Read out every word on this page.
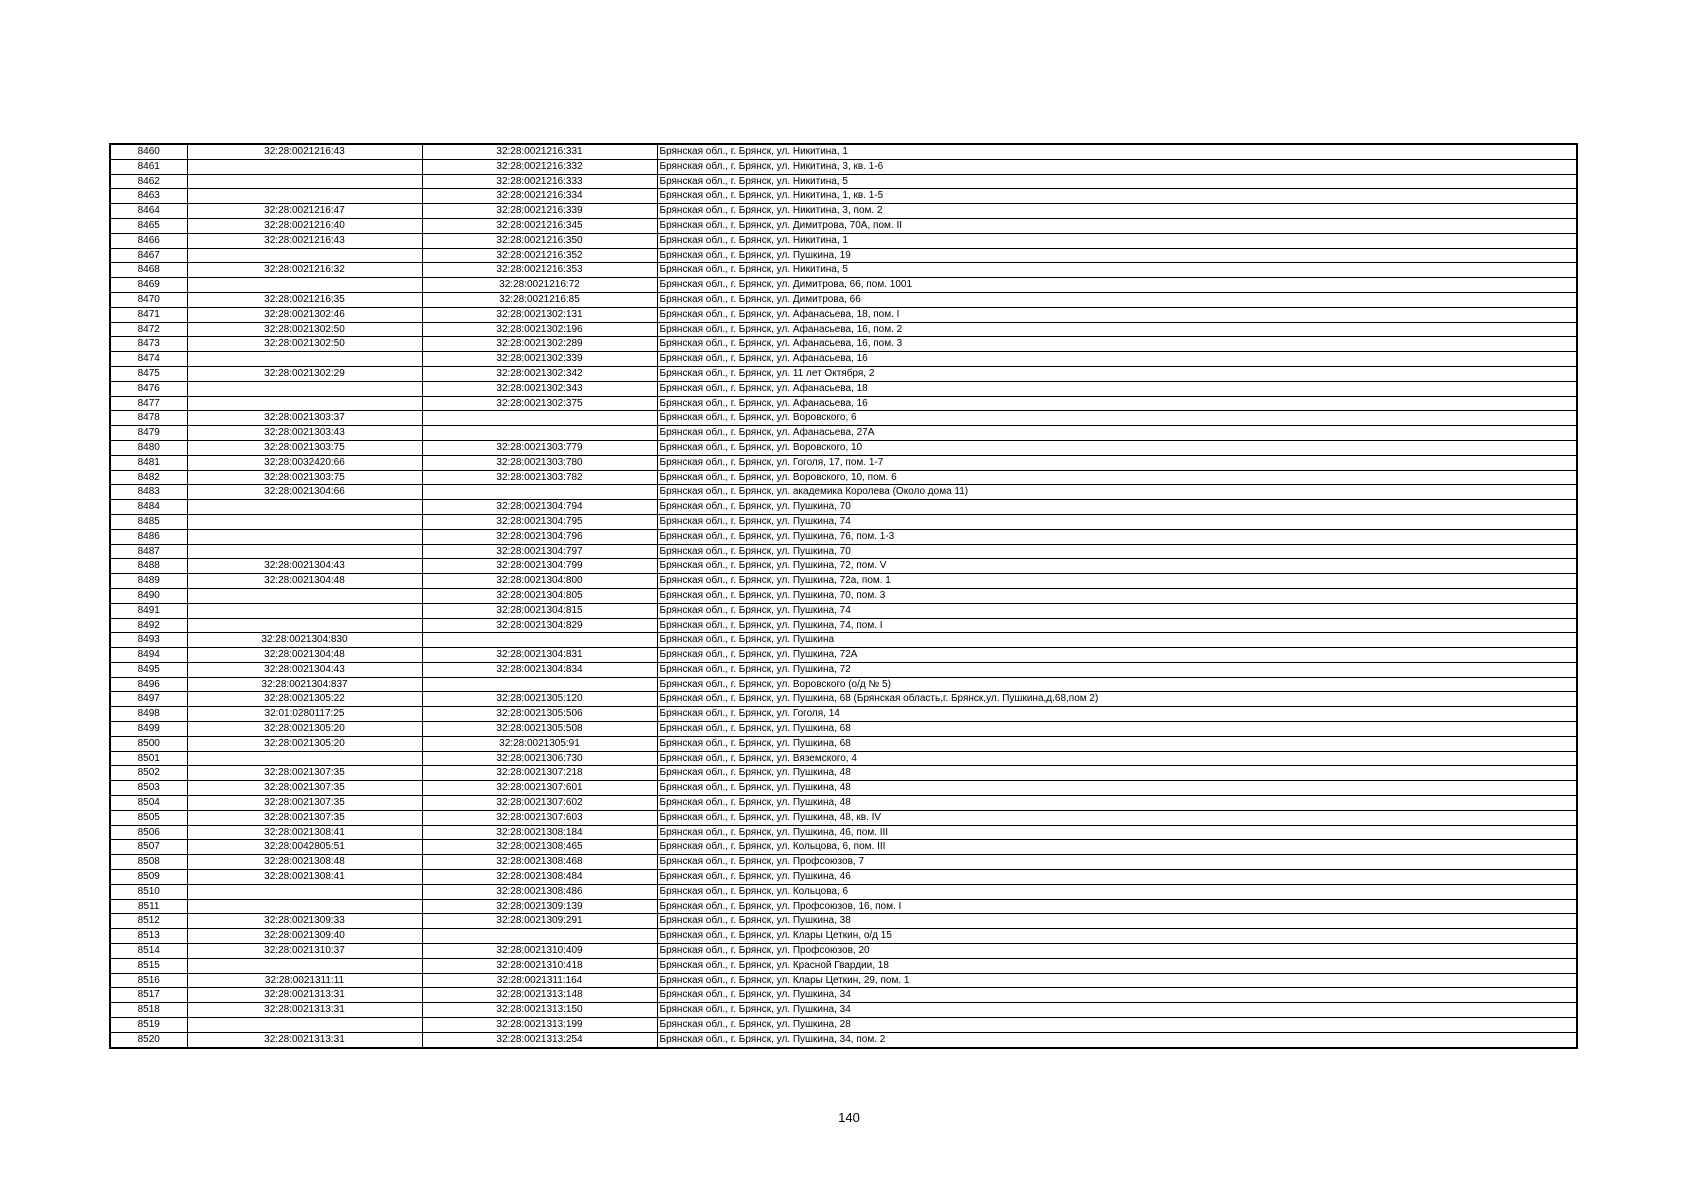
8460	32:28:0021216:43	32:28:0021216:331	Брянская обл., г. Брянск, ул. Никитина, 1
8461		32:28:0021216:332	Брянская обл., г. Брянск, ул. Никитина, 3, кв. 1-6
8462		32:28:0021216:333	Брянская обл., г. Брянск, ул. Никитина, 5
8463		32:28:0021216:334	Брянская обл., г. Брянск, ул. Никитина, 1, кв. 1-5
8464	32:28:0021216:47	32:28:0021216:339	Брянская обл., г. Брянск, ул. Никитина, 3, пом. 2
8465	32:28:0021216:40	32:28:0021216:345	Брянская обл., г. Брянск, ул. Димитрова, 70А, пом. II
8466	32:28:0021216:43	32:28:0021216:350	Брянская обл., г. Брянск, ул. Никитина, 1
8467		32:28:0021216:352	Брянская обл., г. Брянск, ул. Пушкина, 19
8468	32:28:0021216:32	32:28:0021216:353	Брянская обл., г. Брянск, ул. Никитина, 5
8469		32:28:0021216:72	Брянская обл., г. Брянск, ул. Димитрова, 66, пом. 1001
8470	32:28:0021216:35	32:28:0021216:85	Брянская обл., г. Брянск, ул. Димитрова, 66
8471	32:28:0021302:46	32:28:0021302:131	Брянская обл., г. Брянск, ул. Афанасьева, 18, пом. I
8472	32:28:0021302:50	32:28:0021302:196	Брянская обл., г. Брянск, ул. Афанасьева, 16, пом. 2
8473	32:28:0021302:50	32:28:0021302:289	Брянская обл., г. Брянск, ул. Афанасьева, 16, пом. 3
8474		32:28:0021302:339	Брянская обл., г. Брянск, ул. Афанасьева, 16
8475	32:28:0021302:29	32:28:0021302:342	Брянская обл., г. Брянск, ул. 11 лет Октября, 2
8476		32:28:0021302:343	Брянская обл., г. Брянск, ул. Афанасьева, 18
8477		32:28:0021302:375	Брянская обл., г. Брянск, ул. Афанасьева, 16
8478	32:28:0021303:37		Брянская обл., г. Брянск, ул. Воровского, 6
8479	32:28:0021303:43		Брянская обл., г. Брянск, ул. Афанасьева, 27А
8480	32:28:0021303:75	32:28:0021303:779	Брянская обл., г. Брянск, ул. Воровского, 10
8481	32:28:0032420:66	32:28:0021303:780	Брянская обл., г. Брянск, ул. Гоголя, 17, пом. 1-7
8482	32:28:0021303:75	32:28:0021303:782	Брянская обл., г. Брянск, ул. Воровского, 10, пом. 6
8483	32:28:0021304:66		Брянская обл., г. Брянск, ул. академика Королева (Около дома 11)
8484		32:28:0021304:794	Брянская обл., г. Брянск, ул. Пушкина, 70
8485		32:28:0021304:795	Брянская обл., г. Брянск, ул. Пушкина, 74
8486		32:28:0021304:796	Брянская обл., г. Брянск, ул. Пушкина, 76, пом. 1-3
8487		32:28:0021304:797	Брянская обл., г. Брянск, ул. Пушкина, 70
8488	32:28:0021304:43	32:28:0021304:799	Брянская обл., г. Брянск, ул. Пушкина, 72, пом. V
8489	32:28:0021304:48	32:28:0021304:800	Брянская обл., г. Брянск, ул. Пушкина, 72а, пом. 1
8490		32:28:0021304:805	Брянская обл., г. Брянск, ул. Пушкина, 70, пом. 3
8491		32:28:0021304:815	Брянская обл., г. Брянск, ул. Пушкина, 74
8492		32:28:0021304:829	Брянская обл., г. Брянск, ул. Пушкина, 74, пом. I
8493	32:28:0021304:830		Брянская обл., г. Брянск, ул. Пушкина
8494	32:28:0021304:48	32:28:0021304:831	Брянская обл., г. Брянск, ул. Пушкина, 72А
8495	32:28:0021304:43	32:28:0021304:834	Брянская обл., г. Брянск, ул. Пушкина, 72
8496	32:28:0021304:837		Брянская обл., г. Брянск, ул. Воровского (о/д № 5)
8497	32:28:0021305:22	32:28:0021305:120	Брянская обл., г. Брянск, ул. Пушкина, 68 (Брянская область,г. Брянск,ул. Пушкина,д.68,пом 2)
8498	32:01:0280117:25	32:28:0021305:506	Брянская обл., г. Брянск, ул. Гоголя, 14
8499	32:28:0021305:20	32:28:0021305:508	Брянская обл., г. Брянск, ул. Пушкина, 68
8500	32:28:0021305:20	32:28:0021305:91	Брянская обл., г. Брянск, ул. Пушкина, 68
8501		32:28:0021306:730	Брянская обл., г. Брянск, ул. Вяземского, 4
8502	32:28:0021307:35	32:28:0021307:218	Брянская обл., г. Брянск, ул. Пушкина, 48
8503	32:28:0021307:35	32:28:0021307:601	Брянская обл., г. Брянск, ул. Пушкина, 48
8504	32:28:0021307:35	32:28:0021307:602	Брянская обл., г. Брянск, ул. Пушкина, 48
8505	32:28:0021307:35	32:28:0021307:603	Брянская обл., г. Брянск, ул. Пушкина, 48, кв. IV
8506	32:28:0021308:41	32:28:0021308:184	Брянская обл., г. Брянск, ул. Пушкина, 46, пом. III
8507	32:28:0042805:51	32:28:0021308:465	Брянская обл., г. Брянск, ул. Кольцова, 6, пом. III
8508	32:28:0021308:48	32:28:0021308:468	Брянская обл., г. Брянск, ул. Профсоюзов, 7
8509	32:28:0021308:41	32:28:0021308:484	Брянская обл., г. Брянск, ул. Пушкина, 46
8510		32:28:0021308:486	Брянская обл., г. Брянск, ул. Кольцова, 6
8511		32:28:0021309:139	Брянская обл., г. Брянск, ул. Профсоюзов, 16, пом. I
8512	32:28:0021309:33	32:28:0021309:291	Брянская обл., г. Брянск, ул. Пушкина, 38
8513	32:28:0021309:40		Брянская обл., г. Брянск, ул. Клары Цеткин, о/д 15
8514	32:28:0021310:37	32:28:0021310:409	Брянская обл., г. Брянск, ул. Профсоюзов, 20
8515		32:28:0021310:418	Брянская обл., г. Брянск, ул. Красной Гвардии, 18
8516	32:28:0021311:11	32:28:0021311:164	Брянская обл., г. Брянск, ул. Клары Цеткин, 29, пом. 1
8517	32:28:0021313:31	32:28:0021313:148	Брянская обл., г. Брянск, ул. Пушкина, 34
8518	32:28:0021313:31	32:28:0021313:150	Брянская обл., г. Брянск, ул. Пушкина, 34
8519		32:28:0021313:199	Брянская обл., г. Брянск, ул. Пушкина, 28
8520	32:28:0021313:31	32:28:0021313:254	Брянская обл., г. Брянск, ул. Пушкина, 34, пом. 2
140
